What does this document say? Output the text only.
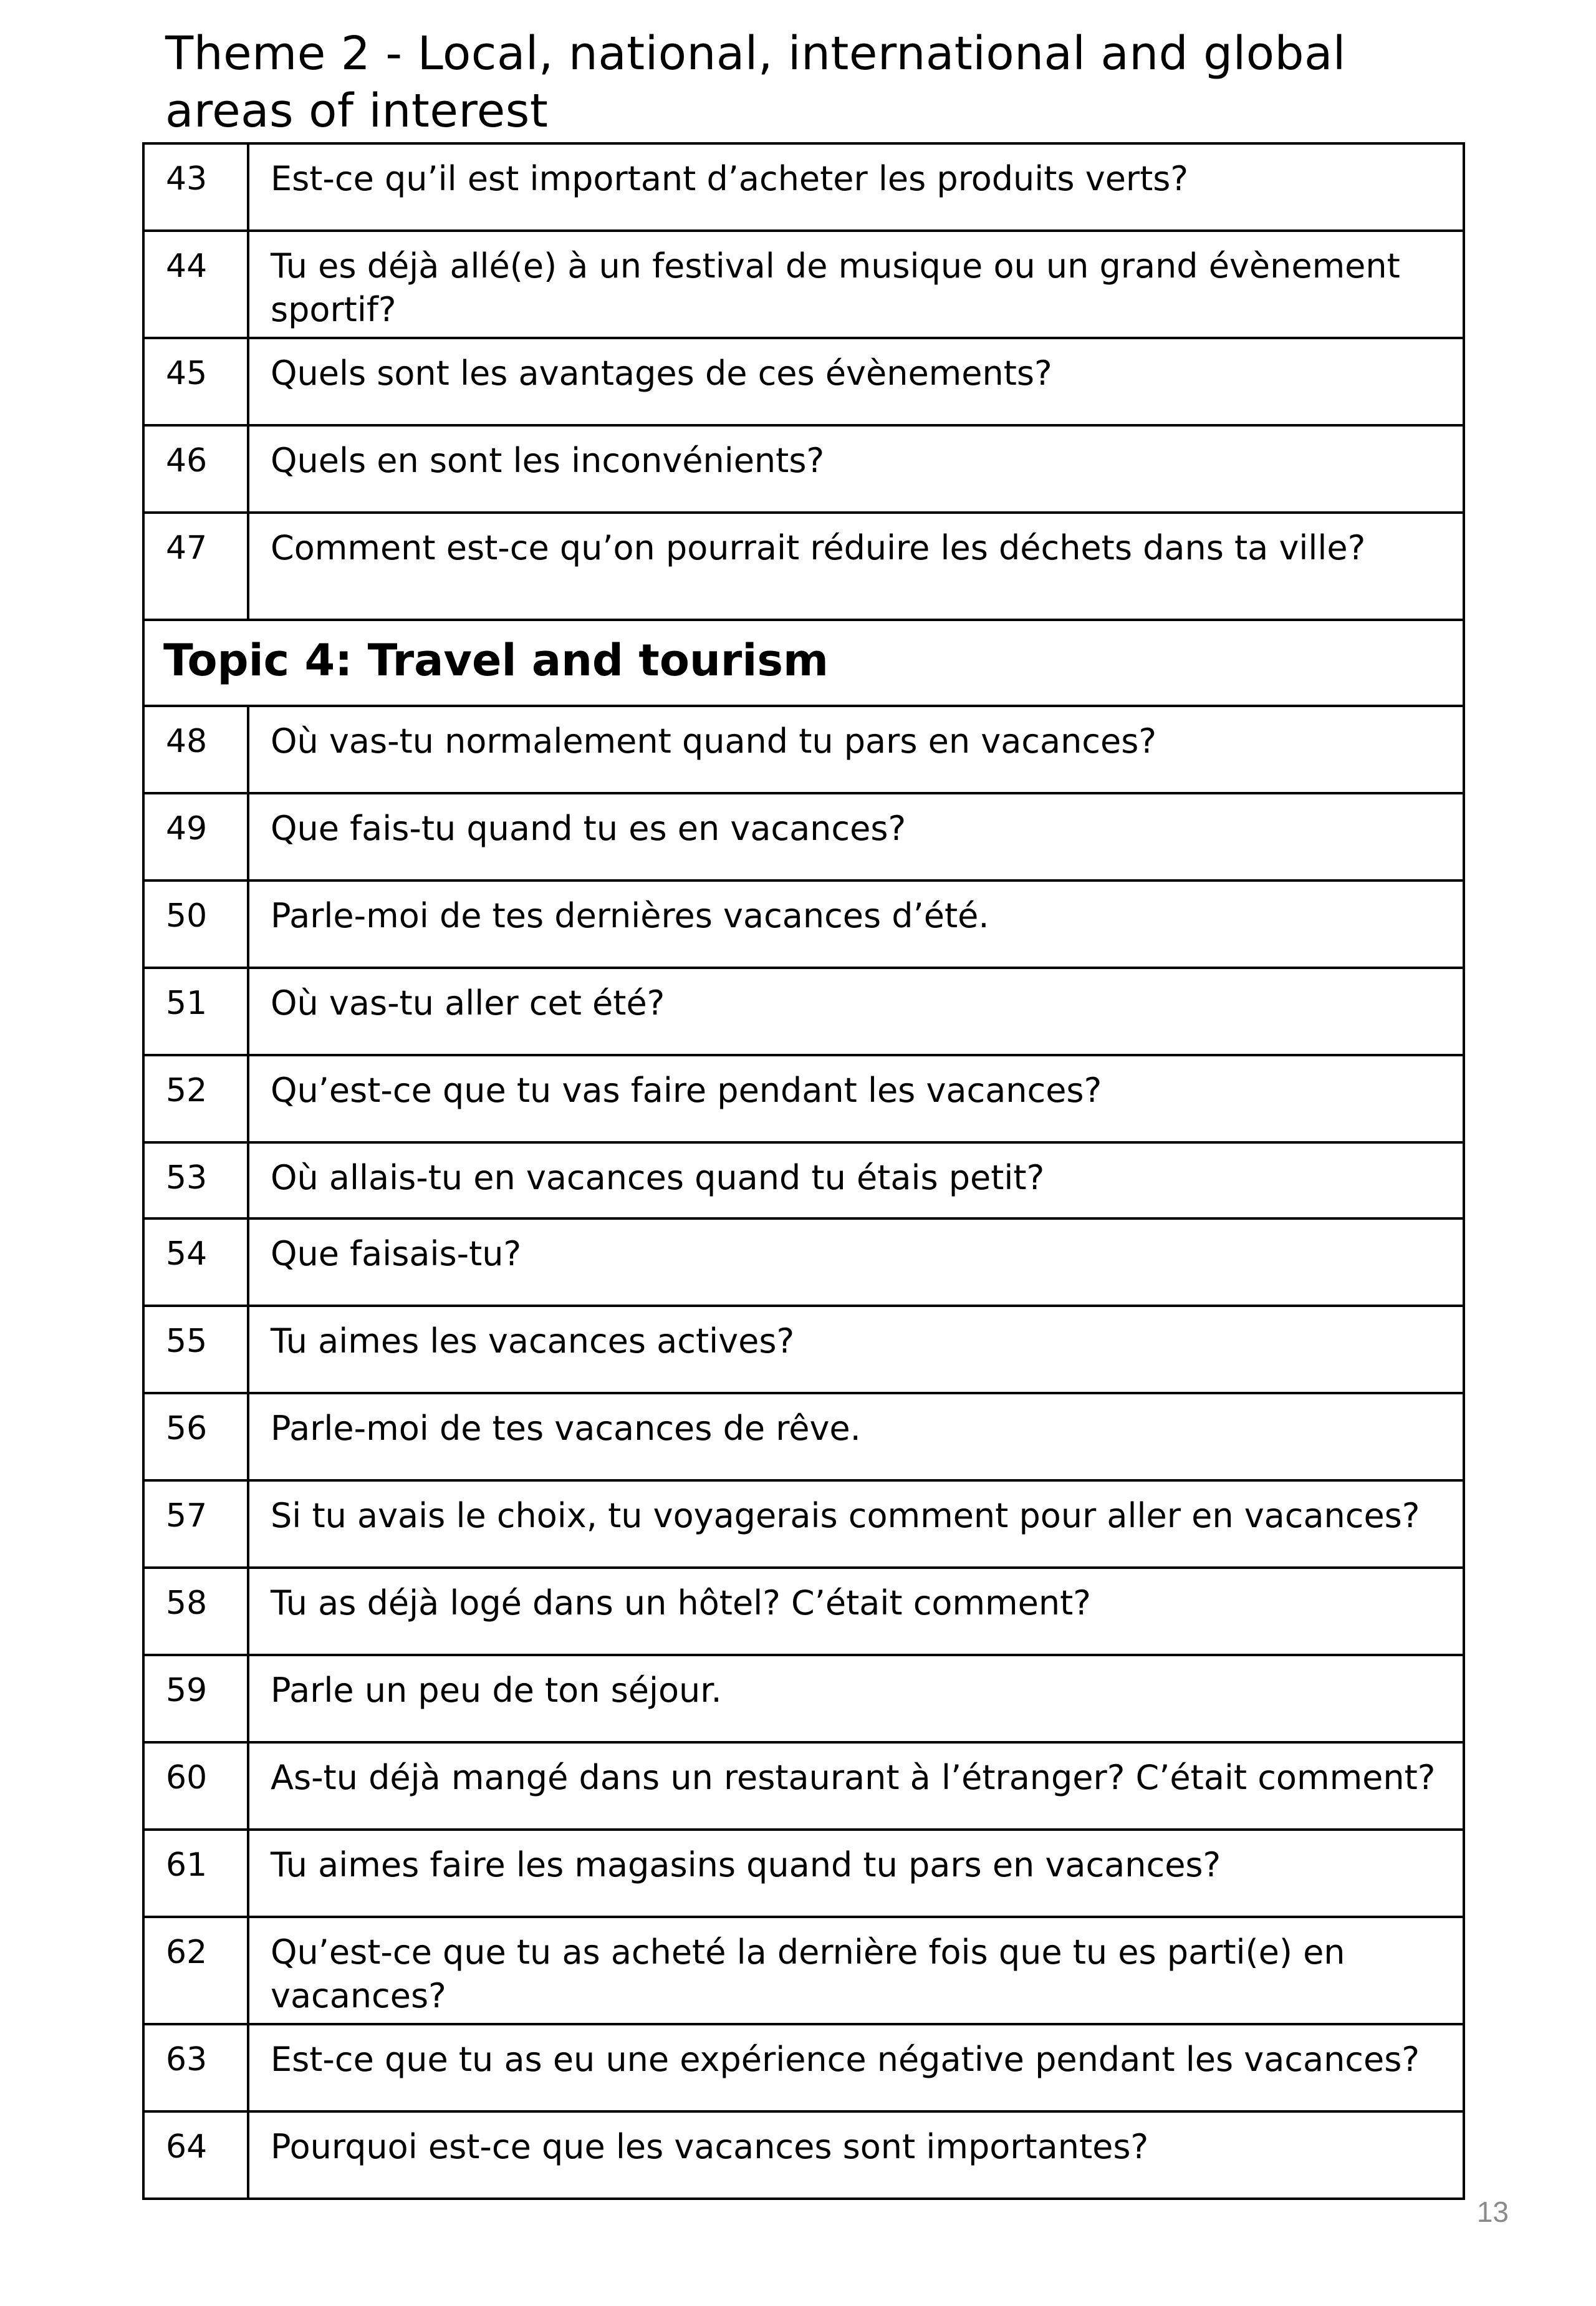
Theme 2 - Local, national, international and global areas of interest
43	Est-ce qu’il est important d’acheter les produits verts?
44	Tu es déjà allé(e) à un festival de musique ou un grand évènement sportif?
45	Quels sont les avantages de ces évènements?
46	Quels en sont les inconvénients?
47	Comment est-ce qu’on pourrait réduire les déchets dans ta ville?
Topic 4: Travel and tourism	
48	Où vas-tu normalement quand tu pars en vacances?
49	Que fais-tu quand tu es en vacances?
50	Parle-moi de tes dernières vacances d’été.
51	Où vas-tu aller cet été?
52	Qu’est-ce que tu vas faire pendant les vacances?
53	Où allais-tu en vacances quand tu étais petit?
54	Que faisais-tu?
55	Tu aimes les vacances actives?
56	Parle-moi de tes vacances de rêve.
57	Si tu avais le choix, tu voyagerais comment pour aller en vacances?
58	Tu as déjà logé dans un hôtel? C’était comment?
59	Parle un peu de ton séjour.
60	As-tu déjà mangé dans un restaurant à l’étranger? C’était comment?
61	Tu aimes faire les magasins quand tu pars en vacances?
62	Qu’est-ce que tu as acheté la dernière fois que tu es parti(e) en vacances?
63	Est-ce que tu as eu une expérience négative pendant les vacances?
64	Pourquoi est-ce que les vacances sont importantes?
13
